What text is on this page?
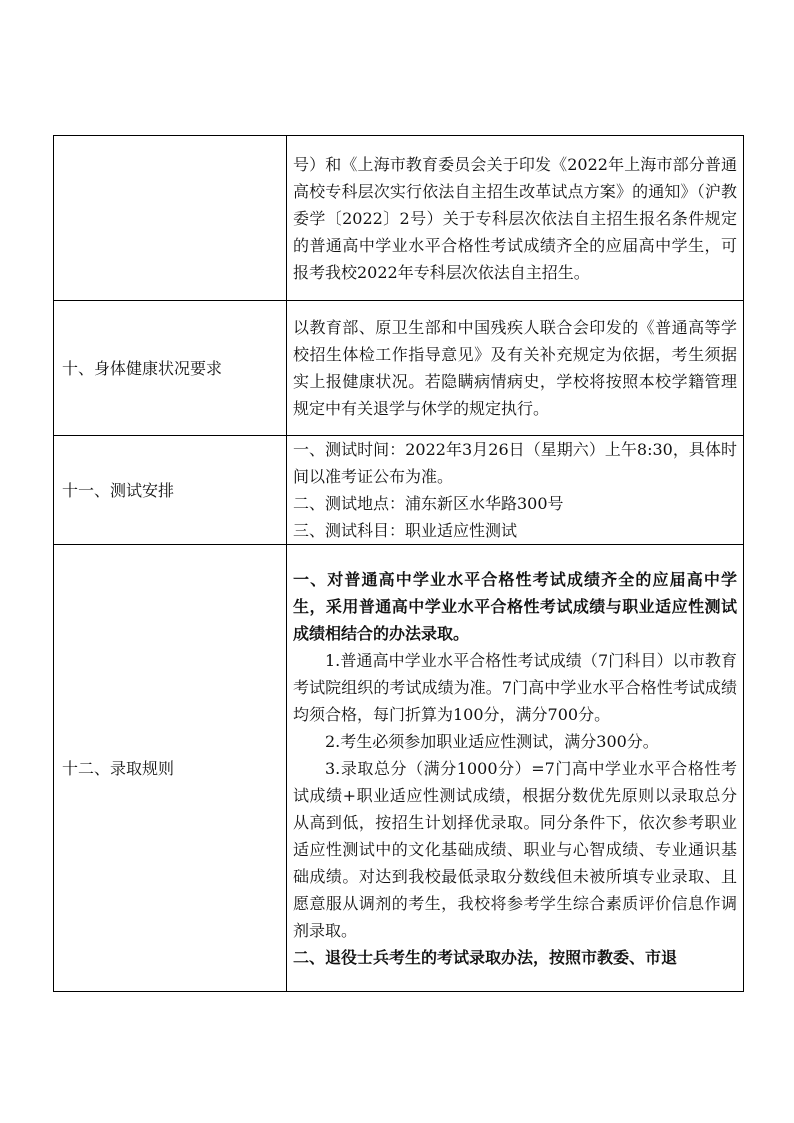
	号）和《上海市教育委员会关于印发《2022年上海市部分普通高校专科层次实行依法自主招生改革试点方案》的通知》（沪教委学〔2022〕2号）关于专科层次依法自主招生报名条件规定的普通高中学业水平合格性考试成绩齐全的应届高中学生，可报考我校2022年专科层次依法自主招生。

十、身体健康状况要求	以教育部、原卫生部和中国残疾人联合会印发的《普通高等学校招生体检工作指导意见》及有关补充规定为依据，考生须据实上报健康状况。若隐瞒病情病史，学校将按照本校学籍管理规定中有关退学与休学的规定执行。

十一、测试安排	一、测试时间：2022年3月26日（星期六）上午8:30，具体时间以准考证公布为准。

二、测试地点：浦东新区水华路300号

三、测试科目：职业适应性测试

十二、录取规则	一、对普通高中学业水平合格性考试成绩齐全的应届高中学生，采用普通高中学业水平合格性考试成绩与职业适应性测试成绩相结合的办法录取。

1.普通高中学业水平合格性考试成绩（7门科目）以市教育考试院组织的考试成绩为准。7门高中学业水平合格性考试成绩均须合格，每门折算为100分，满分700分。

2.考生必须参加职业适应性测试，满分300分。

3.录取总分（满分1000分）=7门高中学业水平合格性考试成绩+职业适应性测试成绩，根据分数优先原则以录取总分从高到低，按招生计划择优录取。同分条件下，依次参考职业适应性测试中的文化基础成绩、职业与心智成绩、专业通识基础成绩。对达到我校最低录取分数线但未被所填专业录取、且愿意服从调剂的考生，我校将参考学生综合素质评价信息作调剂录取。

二、退役士兵考生的考试录取办法，按照市教委、市退
